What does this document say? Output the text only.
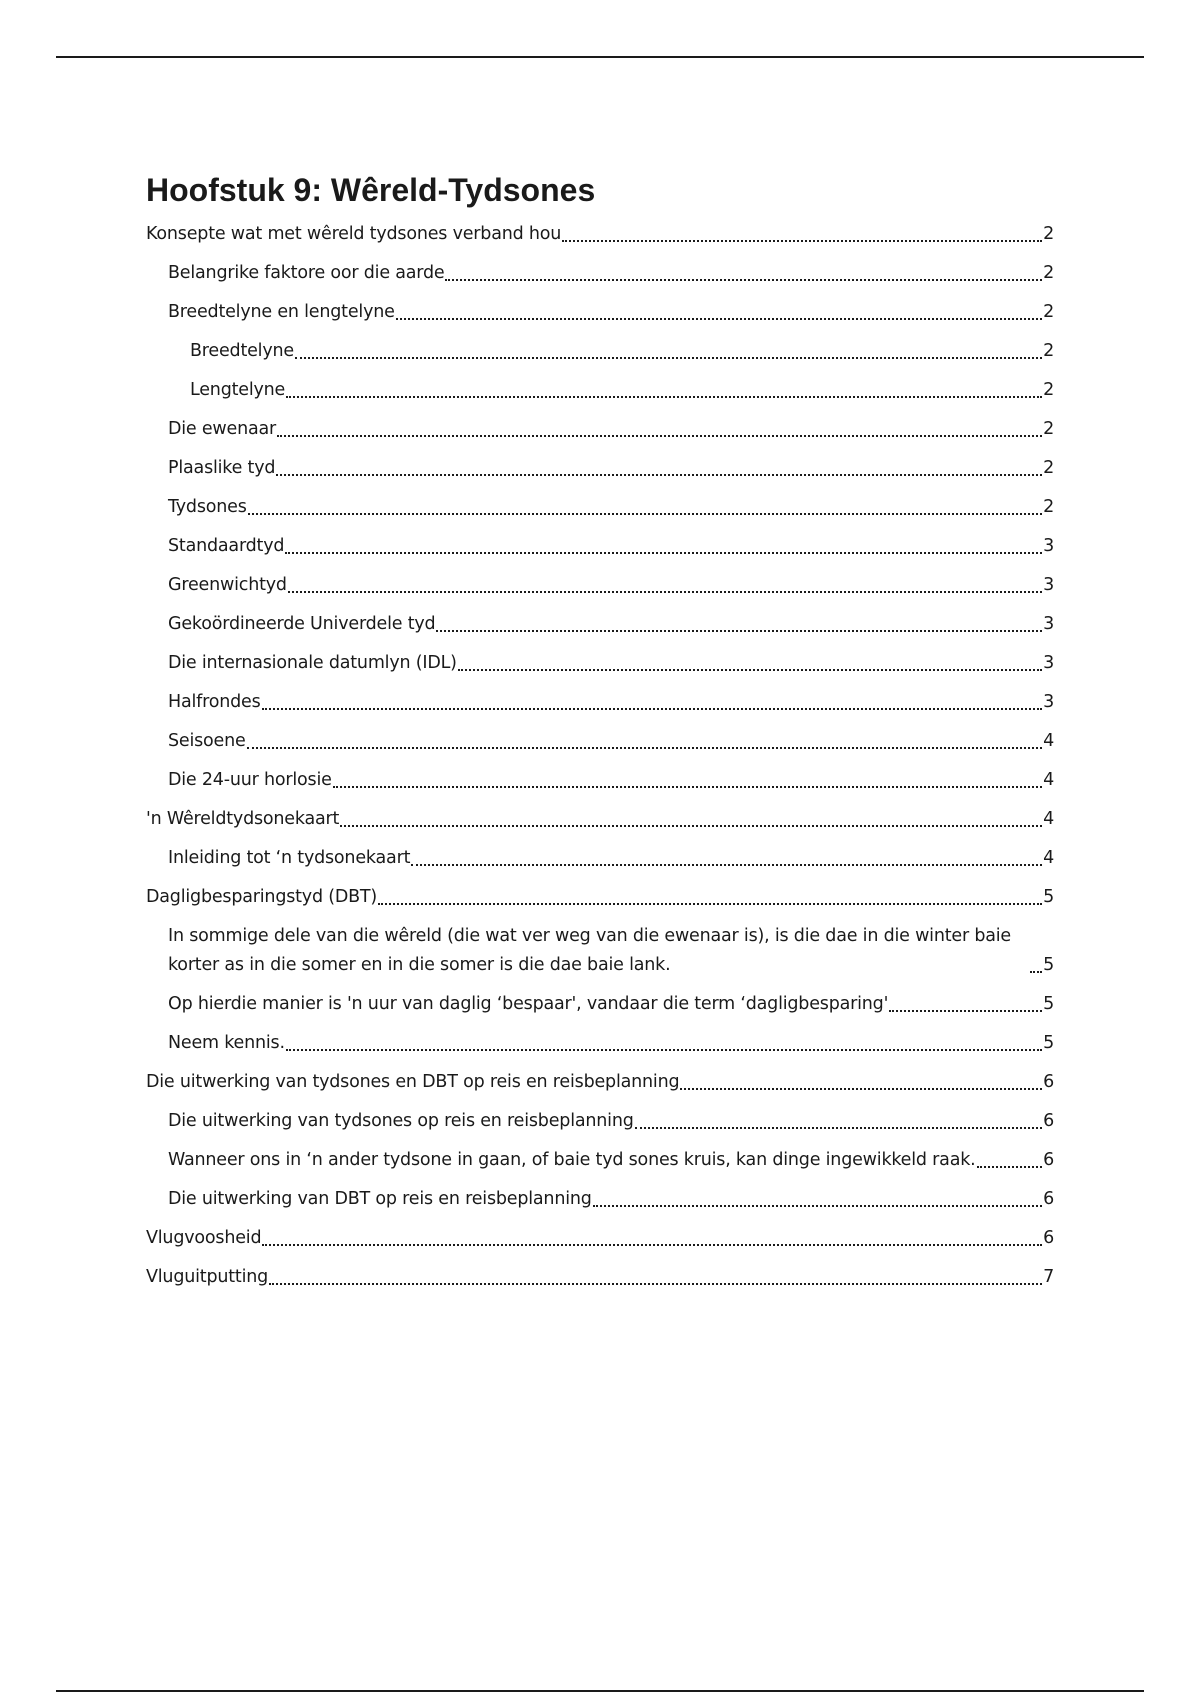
Hoofstuk 9: Wêreld-Tydsones
Konsepte wat met wêreld tydsones verband hou	2
Belangrike faktore oor die aarde	2
Breedtelyne en lengtelyne	2
Breedtelyne	2
Lengtelyne	2
Die ewenaar	2
Plaaslike tyd	2
Tydsones	2
Standaardtyd	3
Greenwichtyd	3
Gekoördineerde Univerdele tyd	3
Die internasionale datumlyn (IDL)	3
Halfrondes	3
Seisoene	4
Die 24-uur horlosie	4
'n Wêreldtydsonekaart	4
Inleiding tot ‘n tydsonekaart	4
Dagligbesparingstyd (DBT)	5
In sommige dele van die wêreld (die wat ver weg van die ewenaar is), is die dae in die winter baie korter as in die somer en in die somer is die dae baie lank.	5
Op hierdie manier is 'n uur van daglig ‘bespaar', vandaar die term ‘dagligbesparing'	5
Neem kennis.	5
Die uitwerking van tydsones en DBT op reis en reisbeplanning	6
Die uitwerking van tydsones op reis en reisbeplanning	6
Wanneer ons in ‘n ander tydsone in gaan, of baie tyd sones kruis, kan dinge ingewikkeld raak.	6
Die uitwerking van DBT op reis en reisbeplanning	6
Vlugvoosheid	6
Vluguitputting	7
